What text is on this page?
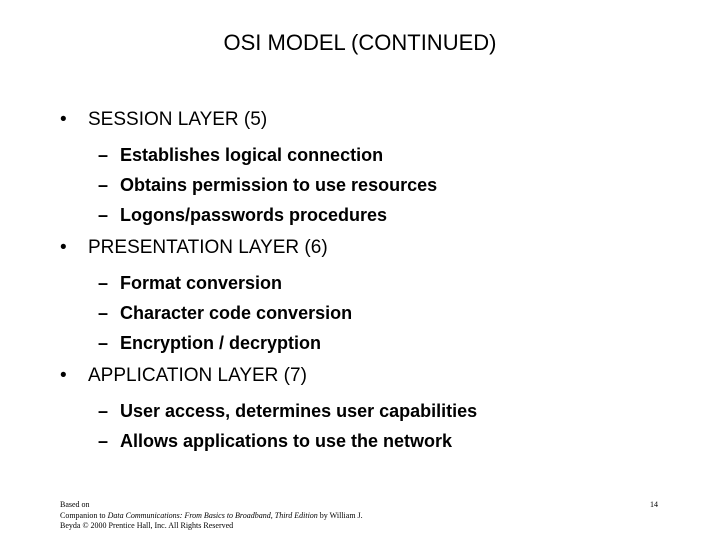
OSI MODEL (CONTINUED)
• SESSION LAYER (5)
– Establishes logical connection
– Obtains permission to use resources
– Logons/passwords procedures
• PRESENTATION LAYER (6)
– Format conversion
– Character code conversion
– Encryption / decryption
• APPLICATION LAYER (7)
– User access, determines user capabilities
– Allows applications to use the network
Based on
Companion to Data Communications: From Basics to Broadband, Third Edition by William J.
Beyda © 2000 Prentice Hall, Inc. All Rights Reserved
14
